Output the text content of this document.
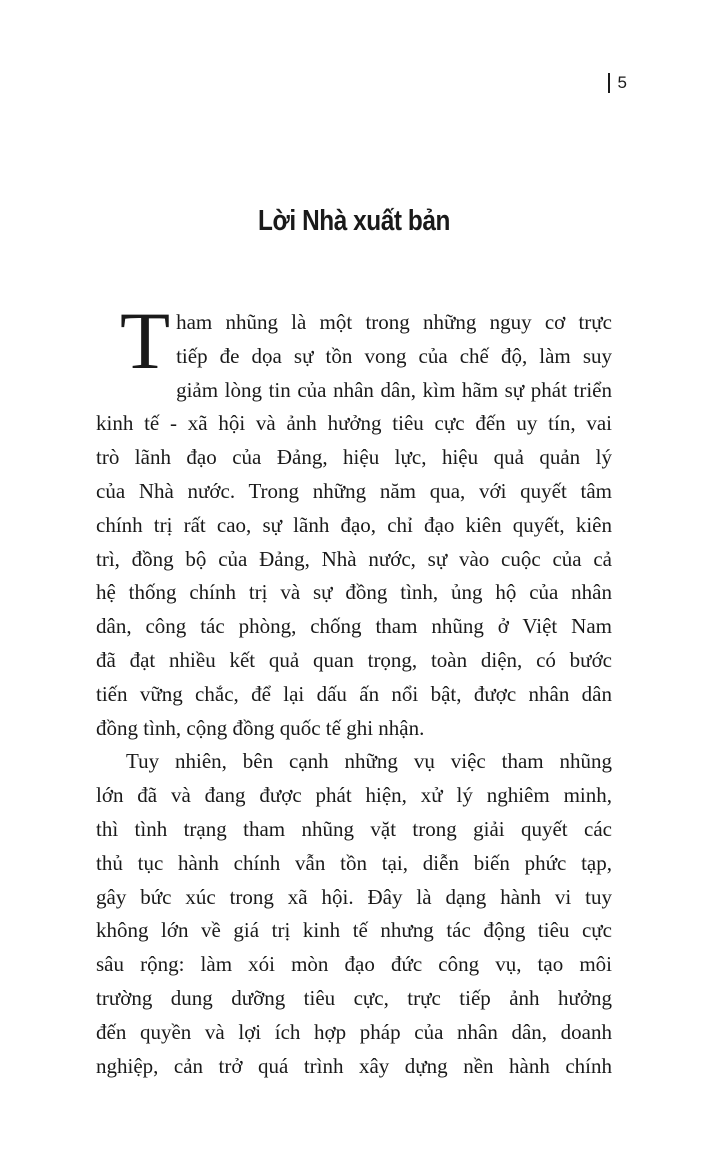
5
Lời Nhà xuất bản
T ham nhũng là một trong những nguy cơ trực
tiếp đe dọa sự tồn vong của chế độ, làm suy
giảm lòng tin của nhân dân, kìm hãm sự phát triển
kinh tế - xã hội và ảnh hưởng tiêu cực đến uy tín, vai
trò lãnh đạo của Đảng, hiệu lực, hiệu quả quản lý
của Nhà nước. Trong những năm qua, với quyết tâm
chính trị rất cao, sự lãnh đạo, chỉ đạo kiên quyết, kiên
trì, đồng bộ của Đảng, Nhà nước, sự vào cuộc của cả
hệ thống chính trị và sự đồng tình, ủng hộ của nhân
dân, công tác phòng, chống tham nhũng ở Việt Nam
đã đạt nhiều kết quả quan trọng, toàn diện, có bước
tiến vững chắc, để lại dấu ấn nổi bật, được nhân dân
đồng tình, cộng đồng quốc tế ghi nhận.
Tuy nhiên, bên cạnh những vụ việc tham nhũng
lớn đã và đang được phát hiện, xử lý nghiêm minh,
thì tình trạng tham nhũng vặt trong giải quyết các
thủ tục hành chính vẫn tồn tại, diễn biến phức tạp,
gây bức xúc trong xã hội. Đây là dạng hành vi tuy
không lớn về giá trị kinh tế nhưng tác động tiêu cực
sâu rộng: làm xói mòn đạo đức công vụ, tạo môi
trường dung dưỡng tiêu cực, trực tiếp ảnh hưởng
đến quyền và lợi ích hợp pháp của nhân dân, doanh
nghiệp, cản trở quá trình xây dựng nền hành chính
